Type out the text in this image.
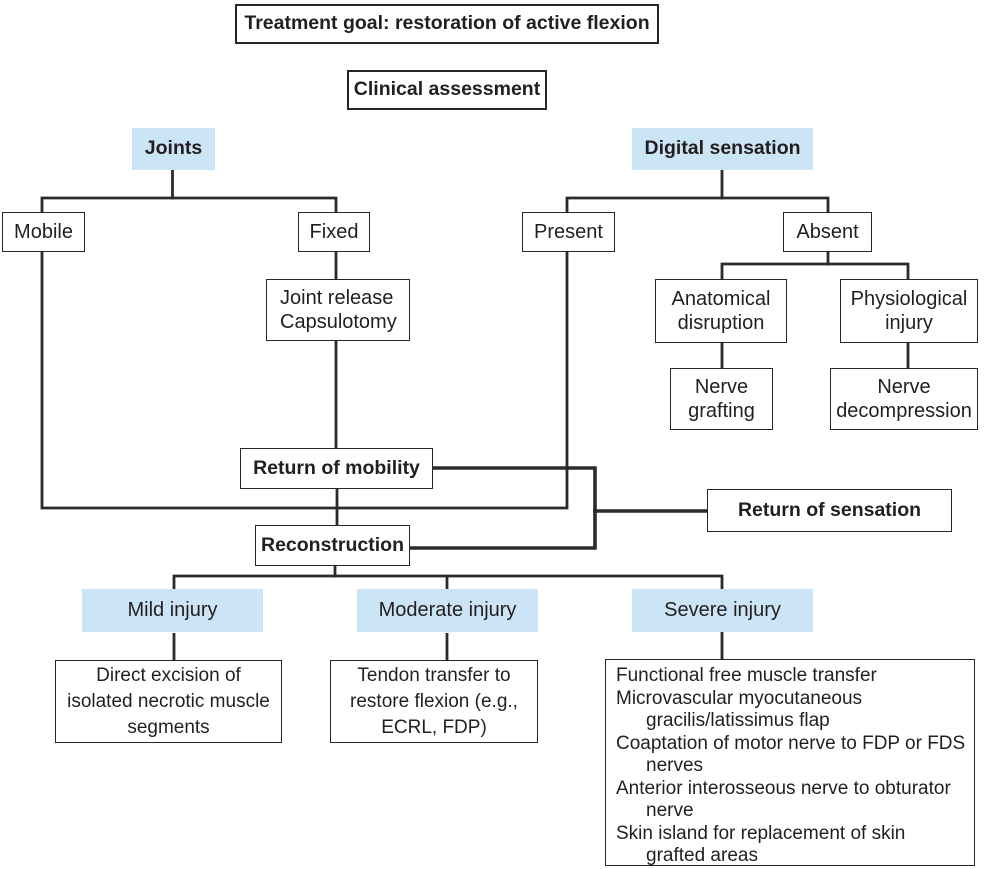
Treatment goal: restoration of active flexion
Clinical assessment
Joints	Digital sensation
Mobile	Fixed	Present	Absent
Joint release
Capsulotomy
Anatomical
disruption
Physiological
injury
Nerve
grafting
Nerve
decompression
Return of mobility
Return of sensation
Reconstruction
Mild injury	Moderate injury	Severe injury
Direct excision of
isolated necrotic muscle
segments
Tendon transfer to
restore flexion (e.g.,
ECRL, FDP)
Functional free muscle transfer
Microvascular myocutaneous gracilis/latissimus flap
Coaptation of motor nerve to FDP or FDS nerves
Anterior interosseous nerve to obturator nerve
Skin island for replacement of skin grafted areas
